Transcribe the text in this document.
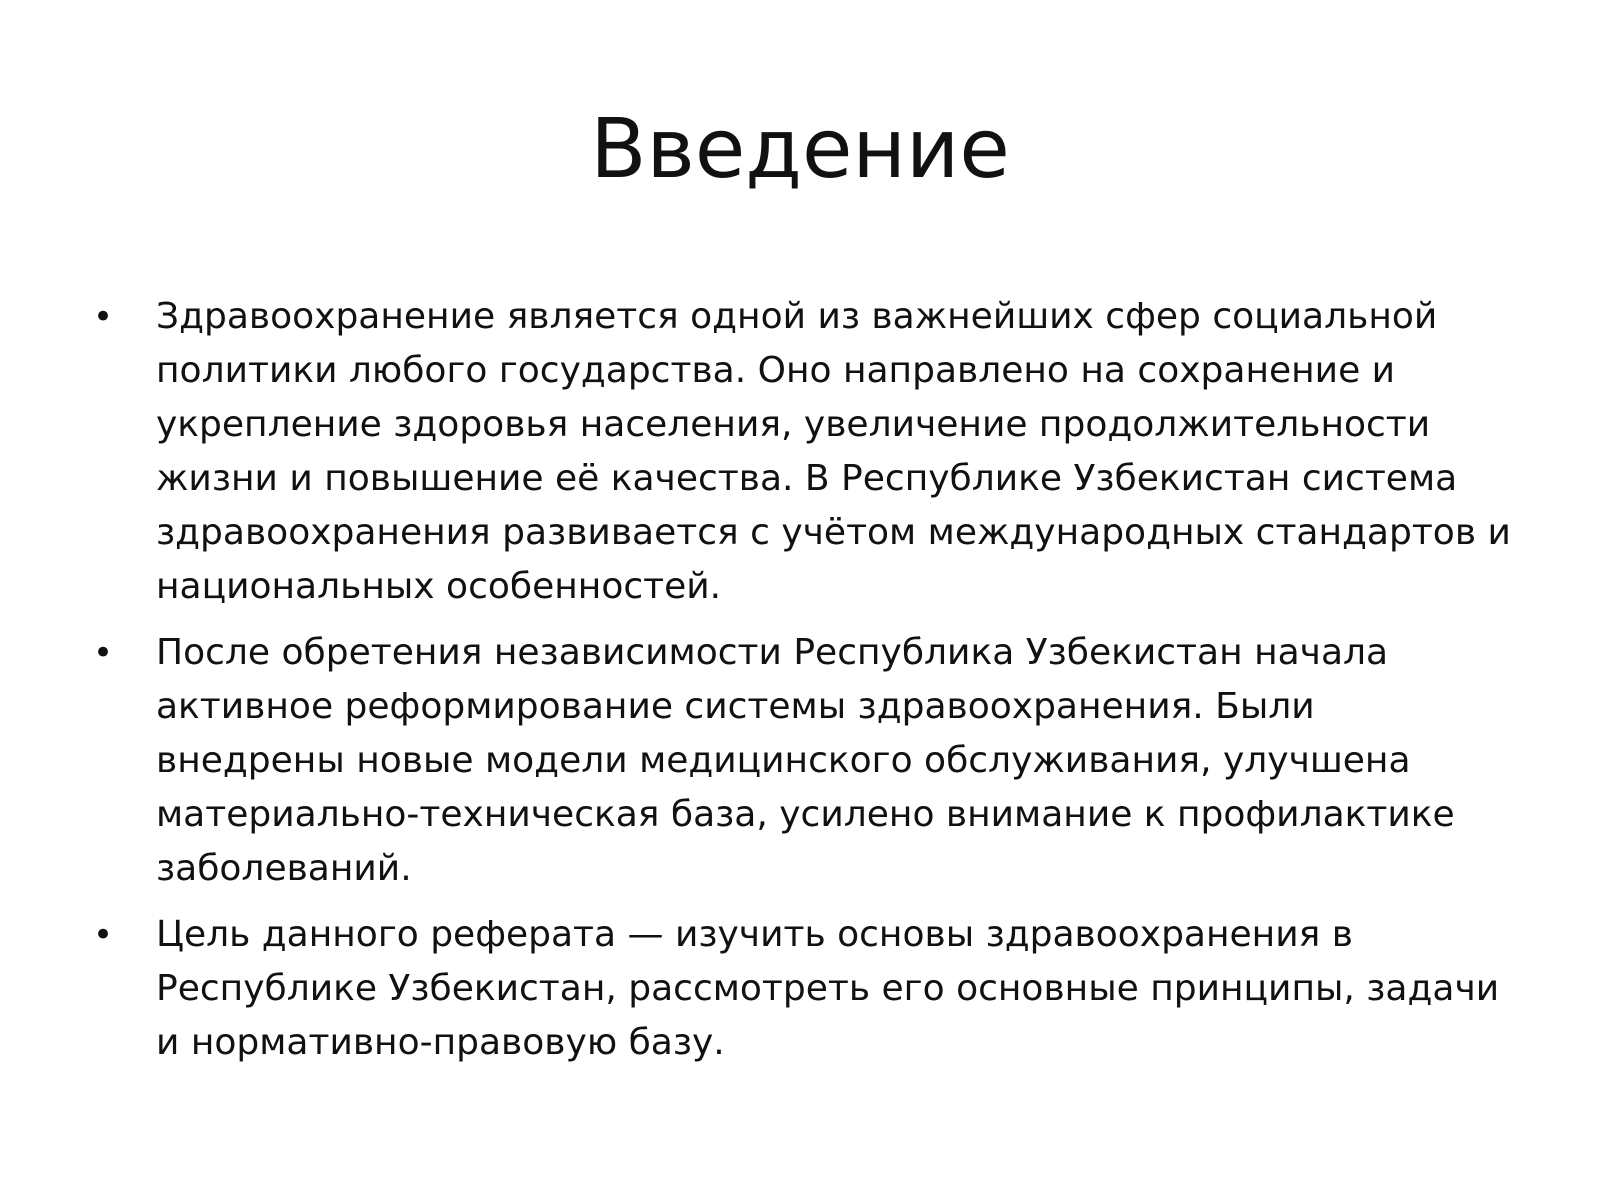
Введение
• Здравоохранение является одной из важнейших сфер социальной политики любого государства. Оно направлено на сохранение и укрепление здоровья населения, увеличение продолжительности жизни и повышение её качества. В Республике Узбекистан система здравоохранения развивается с учётом международных стандартов и национальных особенностей.
• После обретения независимости Республика Узбекистан начала активное реформирование системы здравоохранения. Были внедрены новые модели медицинского обслуживания, улучшена материально-техническая база, усилено внимание к профилактике заболеваний.
• Цель данного реферата — изучить основы здравоохранения в Республике Узбекистан, рассмотреть его основные принципы, задачи и нормативно-правовую базу.
